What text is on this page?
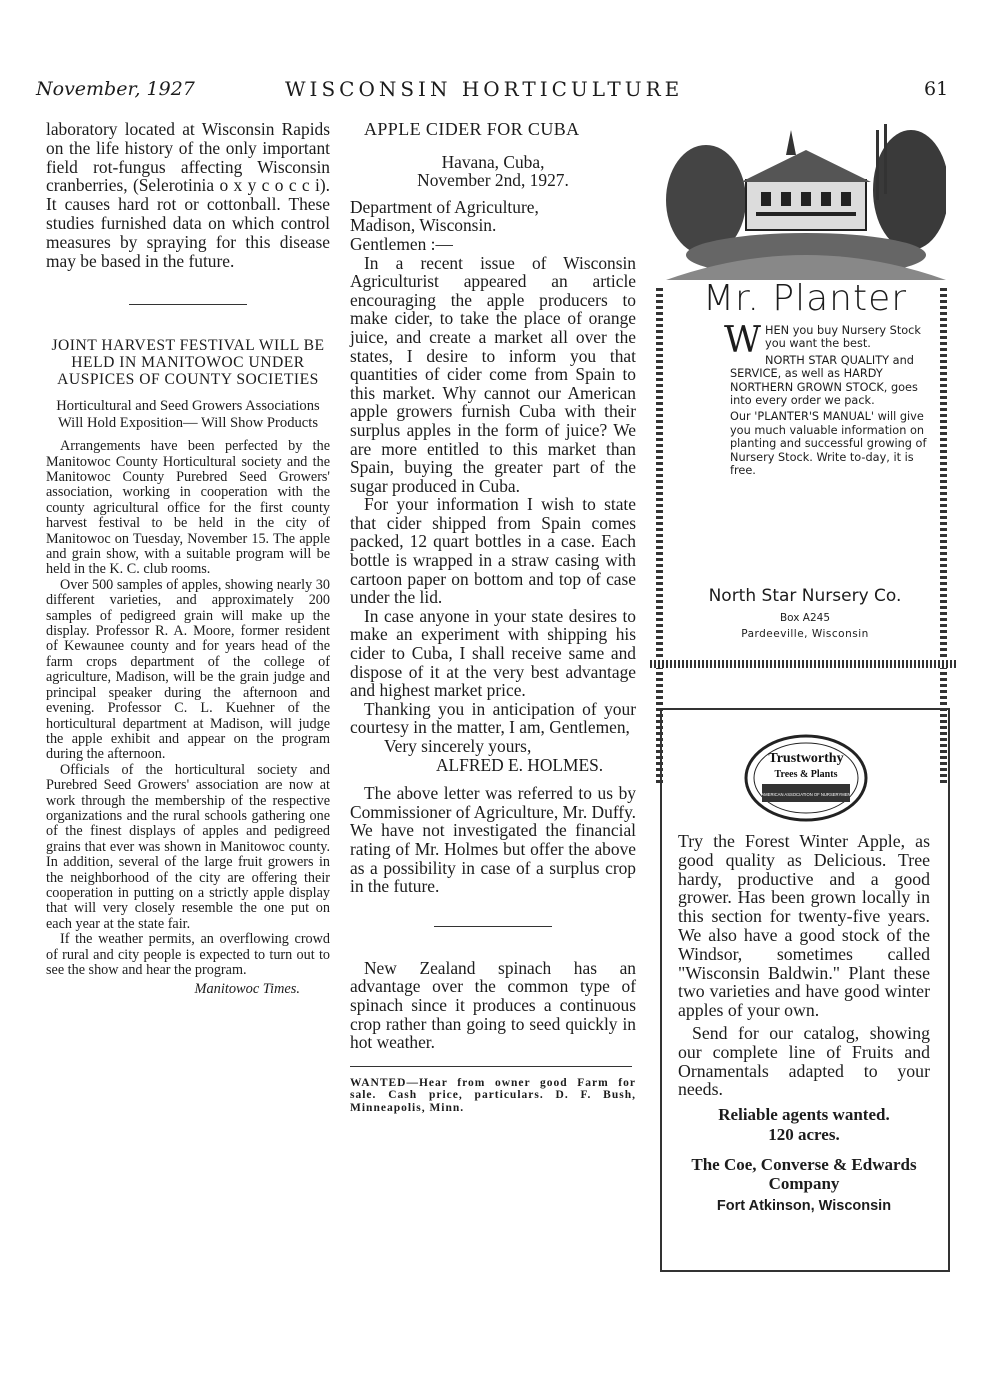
November, 1927	WISCONSIN HORTICULTURE	61

laboratory located at Wisconsin Rapids on the life history of the only important field rot-fungus affecting Wisconsin cranberries, (Selerotinia o x y c o c c i). It causes hard rot or cottonball. These studies furnished data on which control measures by spraying for this disease may be based in the future.

JOINT HARVEST FESTIVAL WILL BE HELD IN MANITOWOC UNDER AUSPICES OF COUNTY SOCIETIES
Horticultural and Seed Growers Associations Will Hold Exposition— Will Show Products

Arrangements have been perfected by the Manitowoc County Horticultural society and the Manitowoc County Purebred Seed Growers' association, working in cooperation with the county agricultural office for the first county harvest festival to be held in the city of Manitowoc on Tuesday, November 15. The apple and grain show, with a suitable program will be held in the K. C. club rooms.

Over 500 samples of apples, showing nearly 30 different varieties, and approximately 200 samples of pedigreed grain will make up the display. Professor R. A. Moore, former resident of Kewaunee county and for years head of the farm crops department of the college of agriculture, Madison, will be the grain judge and principal speaker during the afternoon and evening. Professor C. L. Kuehner of the horticultural department at Madison, will judge the apple exhibit and appear on the program during the afternoon.

Officials of the horticultural society and Purebred Seed Growers' association are now at work through the membership of the respective organizations and the rural schools gathering one of the finest displays of apples and pedigreed grains that ever was shown in Manitowoc county. In addition, several of the large fruit growers in the neighborhood of the city are offering their cooperation in putting on a strictly apple display that will very closely resemble the one put on each year at the state fair.

If the weather permits, an overflowing crowd of rural and city people is expected to turn out to see the show and hear the program.

Manitowoc Times.

APPLE CIDER FOR CUBA

Havana, Cuba,

November 2nd, 1927.

Department of Agriculture,

Madison, Wisconsin.

Gentlemen :—

In a recent issue of Wisconsin Agriculturist appeared an article encouraging the apple producers to make cider, to take the place of orange juice, and create a market all over the states, I desire to inform you that quantities of cider come from Spain to this market. Why cannot our American apple growers furnish Cuba with their surplus apples in the form of juice? We are more entitled to this market than Spain, buying the greater part of the sugar produced in Cuba.

For your information I wish to state that cider shipped from Spain comes packed, 12 quart bottles in a case. Each bottle is wrapped in a straw casing with cartoon paper on bottom and top of case under the lid.

In case anyone in your state desires to make an experiment with shipping his cider to Cuba, I shall receive same and dispose of it at the very best advantage and highest market price.

Thanking you in anticipation of your courtesy in the matter, I am, Gentlemen,

Very sincerely yours,

ALFRED E. HOLMES.

The above letter was referred to us by Commissioner of Agriculture, Mr. Duffy. We have not investigated the financial rating of Mr. Holmes but offer the above as a possibility in case of a surplus crop in the future.

New Zealand spinach has an advantage over the common type of spinach since it produces a continuous crop rather than going to seed quickly in hot weather.

WANTED—Hear from owner good Farm for sale. Cash price, particulars. D. F. Bush, Minneapolis, Minn.

Mr. Planter

WHEN you buy Nursery Stock you want the best.

NORTH STAR QUALITY and SERVICE, as well as HARDY NORTHERN GROWN STOCK, goes into every order we pack.

Our 'PLANTER'S MANUAL' will give you much valuable information on planting and successful growing of Nursery Stock. Write to-day, it is free.

North Star Nursery Co.
Box A245
Pardeeville, Wisconsin
Trustworthy
Trees & Plants
AMERICAN ASSOCIATION OF NURSERYMEN

Try the Forest Winter Apple, as good quality as Delicious. Tree hardy, productive and a good grower. Has been grown locally in this section for twenty-five years. We also have a good stock of the Windsor, sometimes called "Wisconsin Baldwin." Plant these two varieties and have good winter apples of your own.

Send for our catalog, showing our complete line of Fruits and Ornamentals adapted to your needs.

Reliable agents wanted.

120 acres.

The Coe, Converse & Edwards

Company

Fort Atkinson, Wisconsin
